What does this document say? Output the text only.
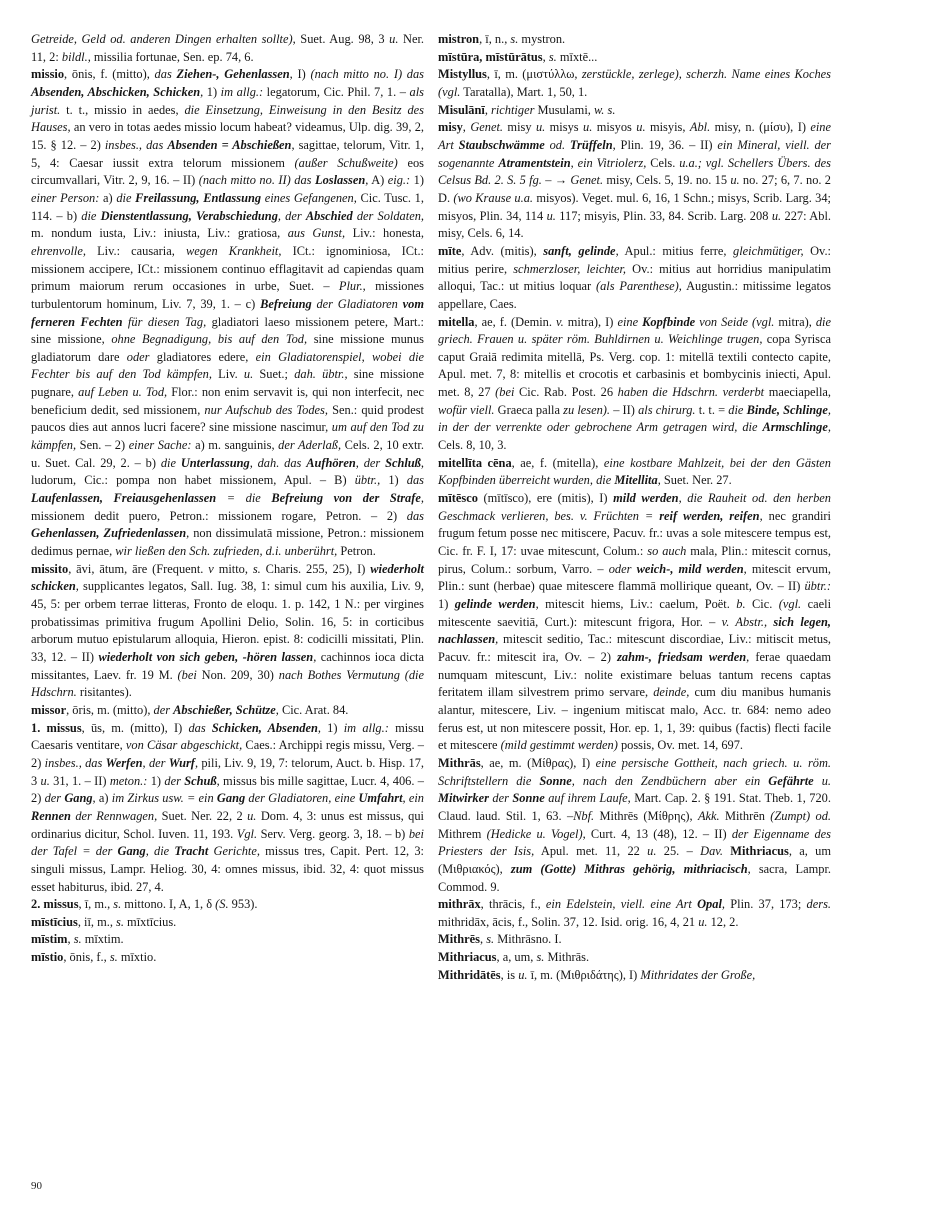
Getreide, Geld od. anderen Dingen erhalten sollte), Suet. Aug. 98, 3 u. Ner. 11, 2: bildl., missilia fortunae, Sen. ep. 74, 6.
missio, ōnis, f. (mitto), das Ziehen-, Gehenlassen, I) (nach mitto no. I) das Absenden, Abschicken, Schicken, 1) im allg.: legatorum, Cic. Phil. 7, 1. – als jurist. t. t., missio in aedes, die Einsetzung, Einweisung in den Besitz des Hauses, an vero in totas aedes missio locum habeat? videamus, Ulp. dig. 39, 2, 15. § 12. – 2) insbes., das Absenden = Abschießen, sagittae, telorum, Vitr. 1, 5, 4: Caesar iussit extra telorum missionem (außer Schußweite) eos circumvallari, Vitr. 2, 9, 16. – II) (nach mitto no. II) das Loslassen, A) eig.: 1) einer Person: a) die Freilassung, Entlassung eines Gefangenen, Cic. Tusc. 1, 114. – b) die Dienstentlassung, Verabschiedung, der Abschied der Soldaten, m. nondum iusta, Liv.: iniusta, Liv.: gratiosa, aus Gunst, Liv.: honesta, ehrenvolle, Liv.: causaria, wegen Krankheit, ICt.: ignominiosa, ICt.: missionem accipere, ICt.: missionem continuo efflagitavit ad capiendas quam primum maiorum rerum occasiones in urbe, Suet. – Plur., missiones turbulentorum hominum, Liv. 7, 39, 1. – c) Befreiung der Gladiatoren vom ferneren Fechten für diesen Tag, gladiatori laeso missionem petere, Mart.: sine missione, ohne Begnadigung, bis auf den Tod, sine missione munus gladiatorum dare oder gladiatores edere, ein Gladiatorenspiel, wobei die Fechter bis auf den Tod kämpfen, Liv. u. Suet.; dah. übtr., sine missione pugnare, auf Leben u. Tod, Flor.: non enim servavit is, qui non interfecit, nec beneficium dedit, sed missionem, nur Aufschub des Todes, Sen.: quid prodest paucos dies aut annos lucri facere? sine missione nascimur, um auf den Tod zu kämpfen, Sen. – 2) einer Sache: a) m. sanguinis, der Aderlaß, Cels. 2, 10 extr. u. Suet. Cal. 29, 2. – b) die Unterlassung, dah. das Aufhören, der Schluß, ludorum, Cic.: pompa non habet missionem, Apul. – B) übtr., 1) das Laufenlassen, Freiausgehenlassen = die Befreiung von der Strafe, missionem dedit puero, Petron.: missionem rogare, Petron. – 2) das Gehenlassen, Zufriedenlassen, non dissimulatā missione, Petron.: missionem dedimus pernae, wir ließen den Sch. zufrieden, d.i. unberührt, Petron.
missito, āvi, ātum, āre (Frequent. v mitto, s. Charis. 255, 25), I) wiederholt schicken, supplicantes legatos, Sall. Iug. 38, 1: simul cum his auxilia, Liv. 9, 45, 5: per orbem terrae litteras, Fronto de eloqu. 1. p. 142, 1 N.: per virgines probatissimas primitiva frugum Apollini Delio, Solin. 16, 5: in corticibus arborum mutuo epistularum alloquia, Hieron. epist. 8: codicilli missitati, Plin. 33, 12. – II) wiederholt von sich geben, -hören lassen, cachinnos ioca dicta missitantes, Laev. fr. 19 M. (bei Non. 209, 30) nach Bothes Vermutung (die Hdschrn. risitantes).
missor, ōris, m. (mitto), der Abschießer, Schütze, Cic. Arat. 84.
1. missus, ūs, m. (mitto), I) das Schicken, Absenden, 1) im allg.: missu Caesaris ventitare, von Cäsar abgeschickt, Caes.: Archippi regis missu, Verg. – 2) insbes., das Werfen, der Wurf, pili, Liv. 9, 19, 7: telorum, Auct. b. Hisp. 17, 3 u. 31, 1. – II) meton.: 1) der Schuß, missus bis mille sagittae, Lucr. 4, 406. – 2) der Gang, a) im Zirkus usw. = ein Gang der Gladiatoren, eine Umfahrt, ein Rennen der Rennwagen, Suet. Ner. 22, 2 u. Dom. 4, 3: unus est missus, qui ordinarius dicitur, Schol. Iuven. 11, 193. Vgl. Serv. Verg. georg. 3, 18. – b) bei der Tafel = der Gang, die Tracht Gerichte, missus tres, Capit. Pert. 12, 3: singuli missus, Lampr. Heliog. 30, 4: omnes missus, ibid. 32, 4: quot missus esset habiturus, ibid. 27, 4.
2. missus, ī, m., s. mittono. I, A, 1, δ (S. 953).
mīstīcius, iī, m., s. mīxtīcius.
mīstim, s. mīxtim.
mīstio, ōnis, f., s. mīxtio.
mistron, ī, n., s. mystron.
mīstūra, mīstūrātus, s. mīxtē...
Mistyllus, ī, m. (μιστύλλω, zerstückle, zerlege), scherzh. Name eines Koches (vgl. Taratalla), Mart. 1, 50, 1.
Misulānī, richtiger Musulami, w. s.
misy, Genet. misy u. misys u. misyos u. misyis, Abl. misy, n. (μίσυ), I) eine Art Staubschwämme od. Trüffeln, Plin. 19, 36. – II) ein Mineral, viell. der sogenannte Atramentstein, ein Vitriolerz, Cels. u.a.; vgl. Schellers Übers. des Celsus Bd. 2. S. 5 fg. – → Genet. misy, Cels. 5, 19. no. 15 u. no. 27; 6, 7. no. 2 D. (wo Krause u.a. misyos). Veget. mul. 6, 16, 1 Schn.; misys, Scrib. Larg. 34; misyos, Plin. 34, 114 u. 117; misyis, Plin. 33, 84. Scrib. Larg. 208 u. 227: Abl. misy, Cels. 6, 14.
mīte, Adv. (mitis), sanft, gelinde, Apul.: mitius ferre, gleichmütiger, Ov.: mitius perire, schmerzloser, leichter, Ov.: mitius aut horridius manipulatim alloqui, Tac.: ut mitius loquar (als Parenthese), Augustin.: mitissime legatos appellare, Caes.
mitella, ae, f. (Demin. v. mitra), I) eine Kopfbinde von Seide (vgl. mitra), die griech. Frauen u. später röm. Buhldirnen u. Weichlinge trugen, copa Syrisca caput Graiā redimita mitellā, Ps. Verg. cop. 1: mitellā textili contecto capite, Apul. met. 7, 8: mitellis et crocotis et carbasinis et bombycinis iniecti, Apul. met. 8, 27 (bei Cic. Rab. Post. 26 haben die Hdschrn. verderbt maeciapella, wofür viell. Graeca palla zu lesen). – II) als chirurg. t. t. = die Binde, Schlinge, in der der verrenkte oder gebrochene Arm getragen wird, die Armschlinge, Cels. 8, 10, 3.
mitellīta cēna, ae, f. (mitella), eine kostbare Mahlzeit, bei der den Gästen Kopfbinden überreicht wurden, die Mitellita, Suet. Ner. 27.
mītēsco (mītīsco), ere (mitis), I) mild werden, die Rauheit od. den herben Geschmack verlieren, bes. v. Früchten = reif werden, reifen, nec grandiri frugum fetum posse nec mitiscere, Pacuv. fr.: uvas a sole mitescere tempus est, Cic. fr. F. I, 17: uvae mitescunt, Colum.: so auch mala, Plin.: mitescit cornus, pirus, Colum.: sorbum, Varro. – oder weich-, mild werden, mitescit ervum, Plin.: sunt (herbae) quae mitescere flammā mollirique queant, Ov. – II) übtr.: 1) gelinde werden, mitescit hiems, Liv.: caelum, Poët. b. Cic. (vgl. caeli mitescente saevitiā, Curt.): mitescunt frigora, Hor. – v. Abstr., sich legen, nachlassen, mitescit seditio, Tac.: mitescunt discordiae, Liv.: mitiscit metus, Pacuv. fr.: mitescit ira, Ov. – 2) zahm-, friedsam werden, ferae quaedam numquam mitescunt, Liv.: nolite existimare beluas tantum recens captas feritatem illam silvestrem primo servare, deinde, cum diu manibus humanis alantur, mitescere, Liv. – ingenium mitiscat malo, Acc. tr. 684: nemo adeo ferus est, ut non mitescere possit, Hor. ep. 1, 1, 39: quibus (factis) flecti facile et mitescere (mild gestimmt werden) possis, Ov. met. 14, 697.
Mithrās, ae, m. (Μίθρας), I) eine persische Gottheit, nach griech. u. röm. Schriftstellern die Sonne, nach den Zendbüchern aber ein Gefährte u. Mitwirker der Sonne auf ihrem Laufe, Mart. Cap. 2. § 191. Stat. Theb. 1, 720. Claud. laud. Stil. 1, 63. –Nbf. Mithrēs (Μίθρης), Akk. Mithrēn (Zumpt) od. Mithrem (Hedicke u. Vogel), Curt. 4, 13 (48), 12. – II) der Eigenname des Priesters der Isis, Apul. met. 11, 22 u. 25. – Dav. Mithriacus, a, um (Μιθριακός), zum (Gotte) Mithras gehörig, mithriacisch, sacra, Lampr. Commod. 9.
mithrāx, thrācis, f., ein Edelstein, viell. eine Art Opal, Plin. 37, 173; ders. mithridāx, ācis, f., Solin. 37, 12. Isid. orig. 16, 4, 21 u. 12, 2.
Mithrēs, s. Mithrāsno. I.
Mithriacus, a, um, s. Mithrās.
Mithridātēs, is u. ī, m. (Μιθριδάτης), I) Mithridates der Große,
90
